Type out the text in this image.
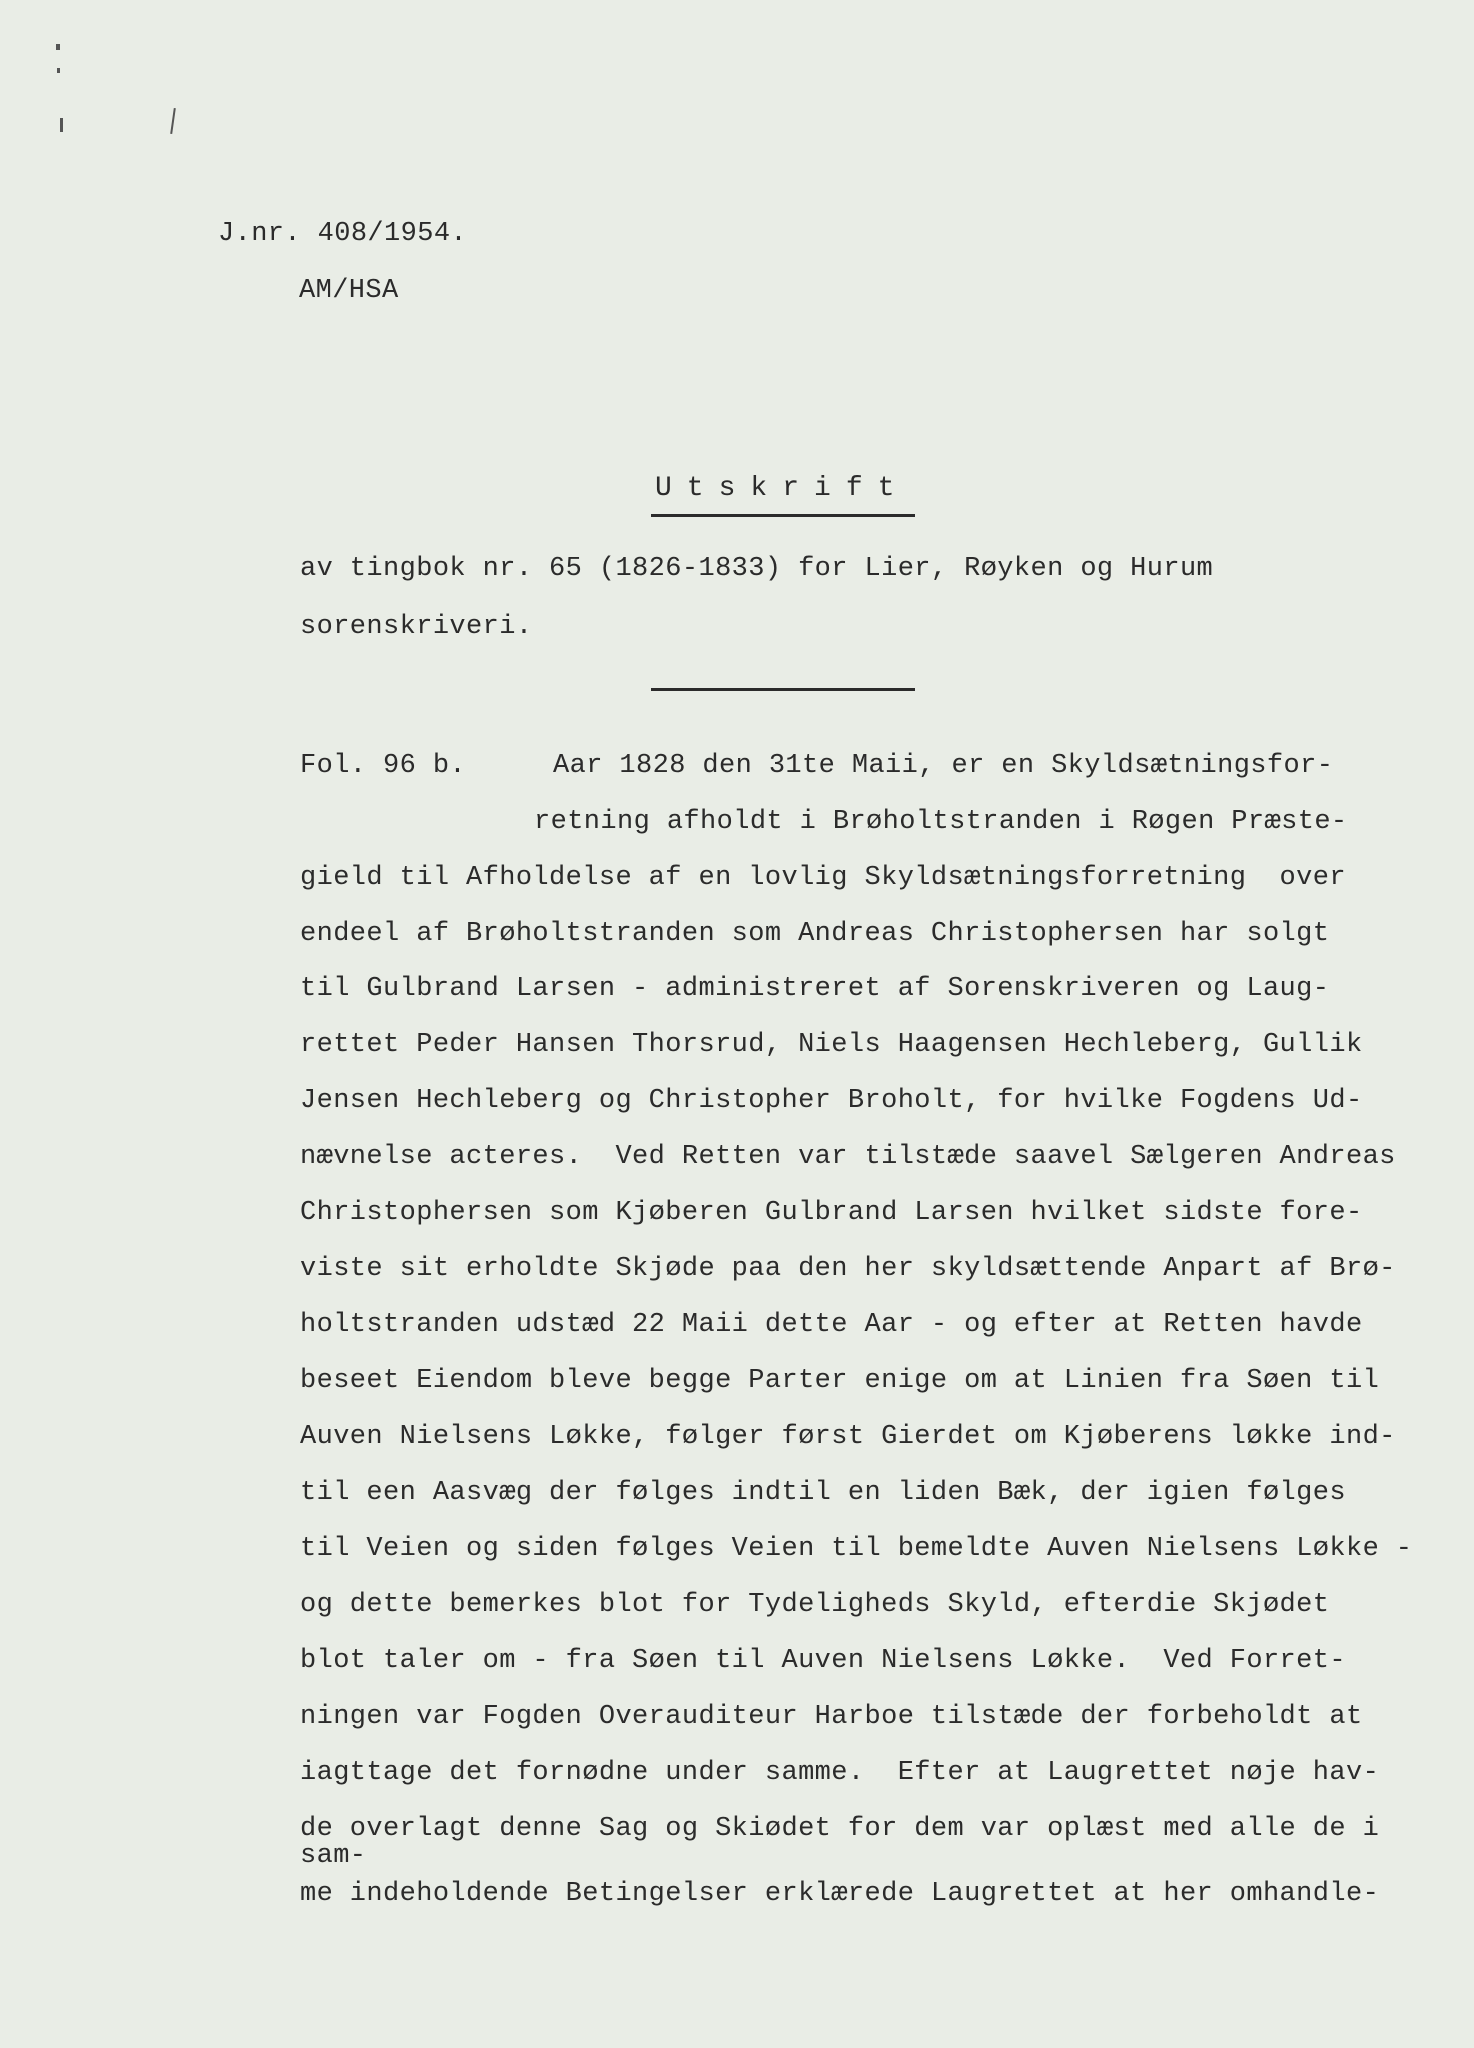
J.nr. 408/1954.
AM/HSA
Utskrift
av tingbok nr. 65 (1826-1833) for Lier, Røyken og Hurum
sorenskriveri.
Fol. 96 b.	Aar 1828 den 31te Maii, er en Skyldsætningsfor-
retning afholdt i Brøholtstranden i Røgen Præste-
gield til Afholdelse af en lovlig Skyldsætningsforretning  over
endeel af Brøholtstranden som Andreas Christophersen har solgt
til Gulbrand Larsen - administreret af Sorenskriveren og Laug-
rettet Peder Hansen Thorsrud, Niels Haagensen Hechleberg, Gullik
Jensen Hechleberg og Christopher Broholt, for hvilke Fogdens Ud-
nævnelse acteres.  Ved Retten var tilstæde saavel Sælgeren Andreas
Christophersen som Kjøberen Gulbrand Larsen hvilket sidste fore-
viste sit erholdte Skjøde paa den her skyldsættende Anpart af Brø-
holtstranden udstæd 22 Maii dette Aar - og efter at Retten havde
beseet Eiendom bleve begge Parter enige om at Linien fra Søen til
Auven Nielsens Løkke, følger først Gierdet om Kjøberens løkke ind-
til een Aasvæg der følges indtil en liden Bæk, der igien følges
til Veien og siden følges Veien til bemeldte Auven Nielsens Løkke -
og dette bemerkes blot for Tydeligheds Skyld, efterdie Skjødet
blot taler om - fra Søen til Auven Nielsens Løkke.  Ved Forret-
ningen var Fogden Overauditeur Harboe tilstæde der forbeholdt at
iagttage det fornødne under samme.  Efter at Laugrettet nøje hav-
de overlagt denne Sag og Skiødet for dem var oplæst med alle de i
sam-
me indeholdende Betingelser erklærede Laugrettet at her omhandle-
